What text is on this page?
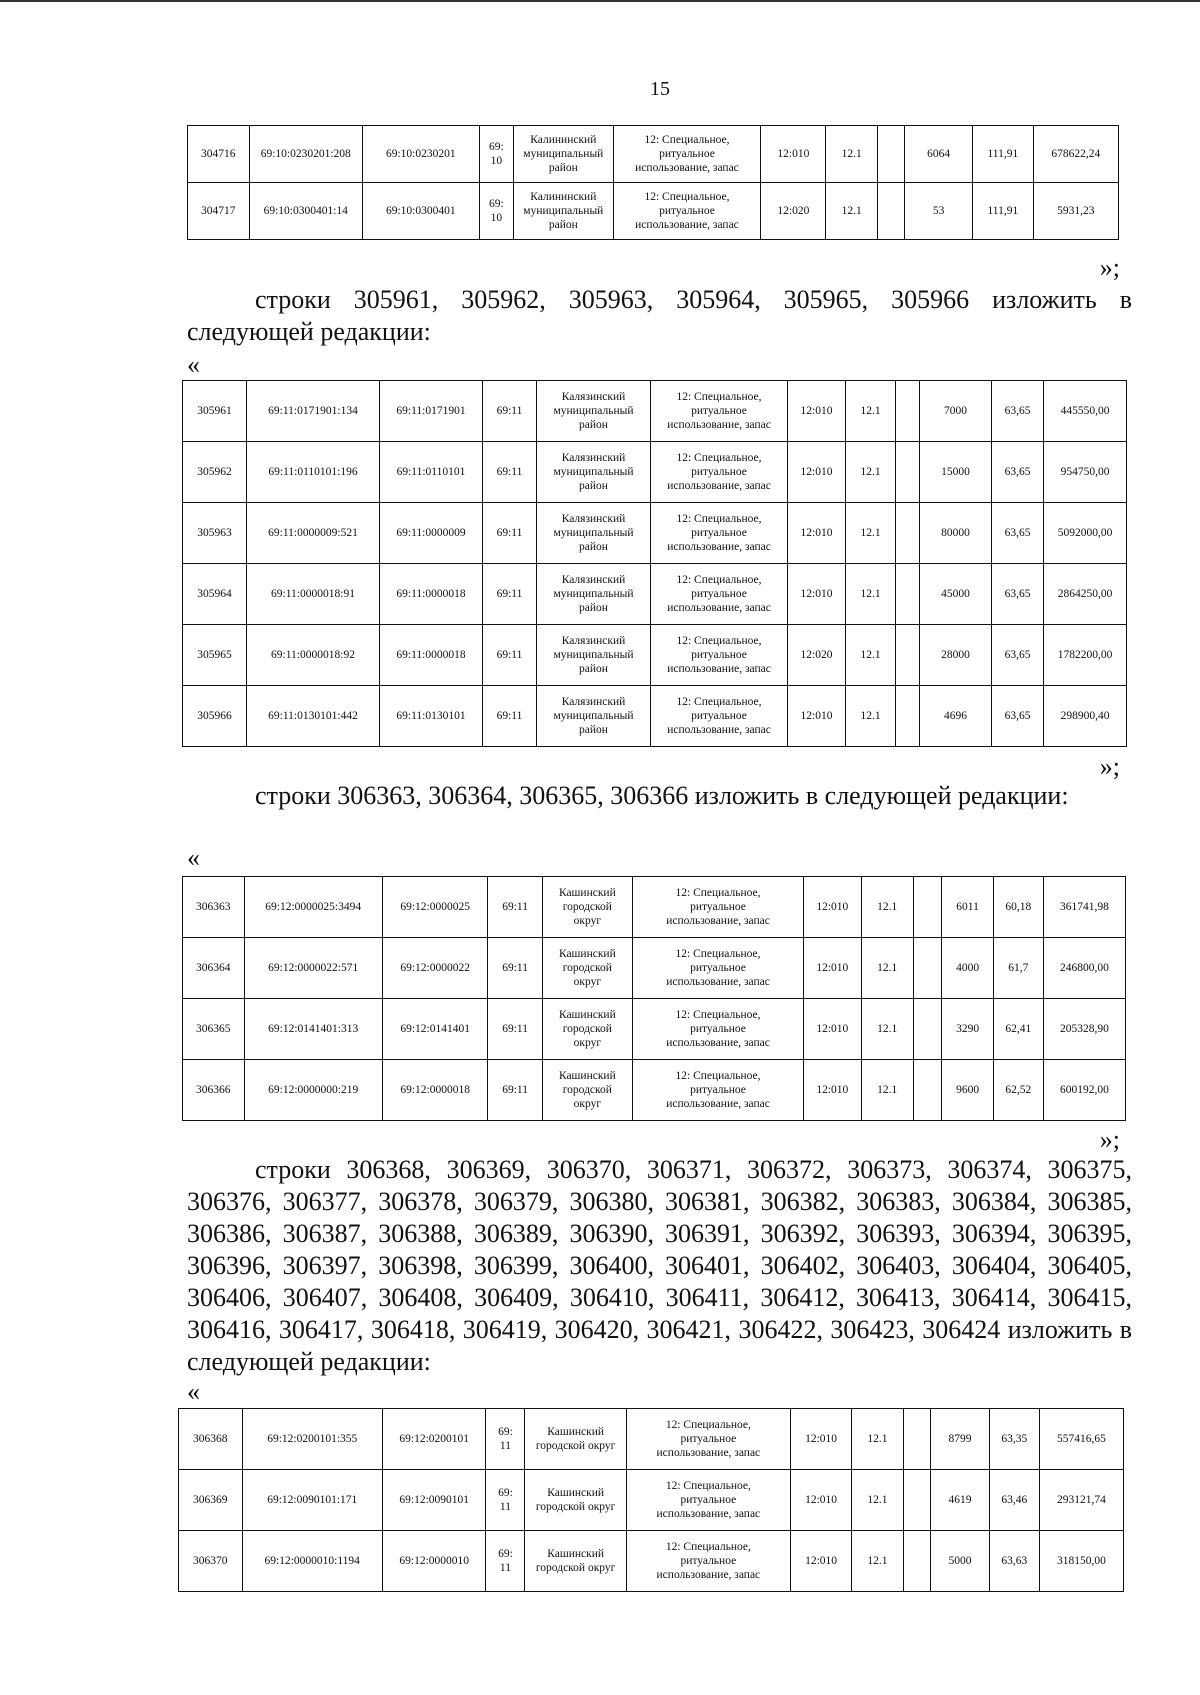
15
304716	69:10:0230201:208	69:10:0230201	69:
10	Калининский
муниципальный
район	12: Специальное,
ритуальное
использование, запас	12:010	12.1		6064	111,91	678622,24
304717	69:10:0300401:14	69:10:0300401	69:
10	Калининский
муниципальный
район	12: Специальное,
ритуальное
использование, запас	12:020	12.1		53	111,91	5931,23
»;
строки 305961, 305962, 305963, 305964, 305965, 305966 изложить в следующей редакции:
«
305961	69:11:0171901:134	69:11:0171901	69:11	Калязинский
муниципальный
район	12: Специальное,
ритуальное
использование, запас	12:010	12.1		7000	63,65	445550,00
305962	69:11:0110101:196	69:11:0110101	69:11	Калязинский
муниципальный
район	12: Специальное,
ритуальное
использование, запас	12:010	12.1		15000	63,65	954750,00
305963	69:11:0000009:521	69:11:0000009	69:11	Калязинский
муниципальный
район	12: Специальное,
ритуальное
использование, запас	12:010	12.1		80000	63,65	5092000,00
305964	69:11:0000018:91	69:11:0000018	69:11	Калязинский
муниципальный
район	12: Специальное,
ритуальное
использование, запас	12:010	12.1		45000	63,65	2864250,00
305965	69:11:0000018:92	69:11:0000018	69:11	Калязинский
муниципальный
район	12: Специальное,
ритуальное
использование, запас	12:020	12.1		28000	63,65	1782200,00
305966	69:11:0130101:442	69:11:0130101	69:11	Калязинский
муниципальный
район	12: Специальное,
ритуальное
использование, запас	12:010	12.1		4696	63,65	298900,40
»;
строки 306363, 306364, 306365, 306366 изложить в следующей редакции:
«
306363	69:12:0000025:3494	69:12:0000025	69:11	Кашинский
городской
округ	12: Специальное,
ритуальное
использование, запас	12:010	12.1		6011	60,18	361741,98
306364	69:12:0000022:571	69:12:0000022	69:11	Кашинский
городской
округ	12: Специальное,
ритуальное
использование, запас	12:010	12.1		4000	61,7	246800,00
306365	69:12:0141401:313	69:12:0141401	69:11	Кашинский
городской
округ	12: Специальное,
ритуальное
использование, запас	12:010	12.1		3290	62,41	205328,90
306366	69:12:0000000:219	69:12:0000018	69:11	Кашинский
городской
округ	12: Специальное,
ритуальное
использование, запас	12:010	12.1		9600	62,52	600192,00
»;
строки 306368, 306369, 306370, 306371, 306372, 306373, 306374, 306375, 306376, 306377, 306378, 306379, 306380, 306381, 306382, 306383, 306384, 306385, 306386, 306387, 306388, 306389, 306390, 306391, 306392, 306393, 306394, 306395, 306396, 306397, 306398, 306399, 306400, 306401, 306402, 306403, 306404, 306405, 306406, 306407, 306408, 306409, 306410, 306411, 306412, 306413, 306414, 306415, 306416, 306417, 306418, 306419, 306420, 306421, 306422, 306423, 306424 изложить в следующей редакции:
«
306368	69:12:0200101:355	69:12:0200101	69:
11	Кашинский
городской округ	12: Специальное,
ритуальное
использование, запас	12:010	12.1		8799	63,35	557416,65
306369	69:12:0090101:171	69:12:0090101	69:
11	Кашинский
городской округ	12: Специальное,
ритуальное
использование, запас	12:010	12.1		4619	63,46	293121,74
306370	69:12:0000010:1194	69:12:0000010	69:
11	Кашинский
городской округ	12: Специальное,
ритуальное
использование, запас	12:010	12.1		5000	63,63	318150,00
